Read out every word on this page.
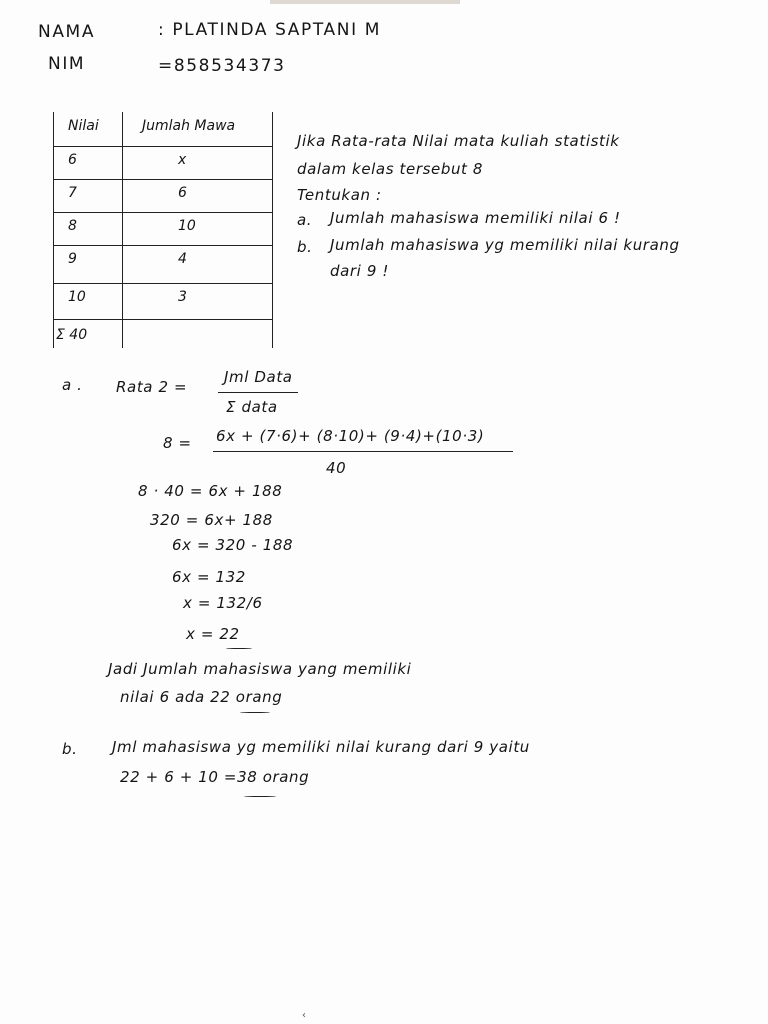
NAMA	: PLATINDA SAPTANI M
NIM	=858534373
Nilai	Jumlah Mawa
6	x
7	6
8	10
9	4
10	3
Σ 40
Jika Rata-rata Nilai mata kuliah statistik
dalam kelas tersebut 8
Tentukan :
a. Jumlah mahasiswa memiliki nilai 6 !
b. Jumlah mahasiswa yg memiliki nilai kurang
dari 9 !
a . Rata 2 =
Jml Data
Σ data
8 = 6x + (7·6)+ (8·10)+ (9·4)+(10·3)
40
8 · 40 = 6x + 188
320 = 6x+ 188
6x = 320 - 188
6x = 132
x = 132/6
x = 22
Jadi Jumlah mahasiswa yang memiliki
nilai 6 ada 22 orang
b. Jml mahasiswa yg memiliki nilai kurang dari 9 yaitu
22 + 6 + 10 =38 orang
‹
